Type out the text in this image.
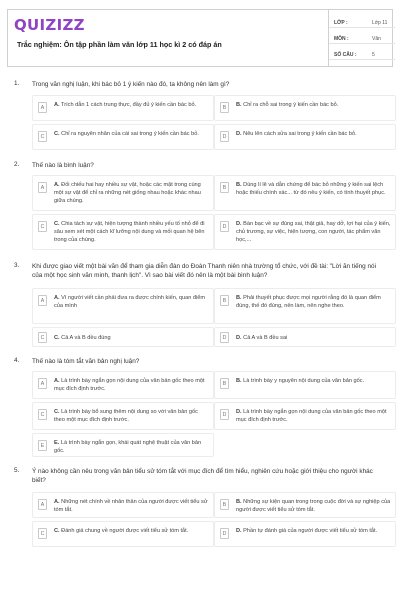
QUIZIZZ
Trắc nghiệm: Ôn tập phần làm văn lớp 11 học kì 2 có đáp án
LỚP :	Lớp 11
MÔN :	Văn
SỐ CÂU :	5
1. Trong văn nghị luận, khi bác bỏ 1 ý kiến nào đó, ta không nên làm gì?
A	A. Trích dẫn 1 cách trung thực, đầy đủ ý kiến cần bác bỏ.	B	B. Chỉ ra chỗ sai trong ý kiến cần bác bỏ.
C	C. Chỉ ra nguyên nhân của cái sai trong ý kiến cần bác bỏ.	D	D. Nêu lên cách sửa sai trong ý kiến cần bác bỏ.
2. Thế nào là bình luận?
A	A. Đối chiếu hai hay nhiều sự vật, hoặc các mặt trong cùng một sự vật để chỉ ra những nét giống nhau hoặc khác nhau giữa chúng.
B	B. Dùng lí lẽ và dẫn chứng để bác bỏ những ý kiến sai lệch hoặc thiếu chính xác... từ đó nêu ý kiến, có tính thuyết phục.
C	C. Chia tách sự vật, hiện tượng thành nhiều yếu tố nhỏ để đi sâu xem xét một cách kĩ lưỡng nội dung và mối quan hệ bên trong của chúng.
D	D. Bàn bạc về sự đúng sai, thật giả, hay dở, lợi hại của ý kiến, chủ trương, sự việc, hiện tượng, con người, tác phẩm văn học,...
3. Khi được giao viết một bài văn để tham gia diễn đàn do Đoàn Thanh niên nhà trường tổ chức, với đề tài: "Lời ăn tiếng nói của một học sinh văn minh, thanh lịch". Vì sao bài viết đó nên là một bài bình luận?
A	A. Vì người viết cần phải đưa ra được chính kiến, quan điểm của mình
B	B. Phải thuyết phục được mọi người rằng đó là quan điểm đúng, thế đó đúng, nên làm, nên nghe theo.
C	C. Cả A và B đều đúng	D	D. Cả A và B đều sai
4. Thế nào là tóm tắt văn bản nghị luận?
A	A. Là trình bày ngắn gọn nội dung của văn bản gốc theo một mục đích định trước.
B	B. Là trình bày y nguyên nội dung của văn bản gốc.
C	C. Là trình bày bổ sung thêm nội dung so với văn bản gốc theo một mục đích định trước.
D	D. Là trình bày ngắn gọn nội dung của văn bản gốc theo một mục đích định trước.
E	E. Là trình bày ngắn gọn, khái quát nghệ thuật của văn bản gốc.
5. Ý nào không cần nêu trong văn bản tiểu sử tóm tắt với mục đích để tìm hiểu, nghiên cứu hoặc giới thiệu cho người khác biết?
A	A. Những nét chính về nhân thân của người được viết tiểu sử tóm tắt.
B	B. Những sự kiện quan trong trong cuộc đời và sự nghiệp của người được viết tiểu sử tóm tắt.
C	C. Đánh giá chung về người được viết tiểu sử tóm tắt.	D	D. Phần tự đánh giá của người được viết tiểu sử tóm tắt.
